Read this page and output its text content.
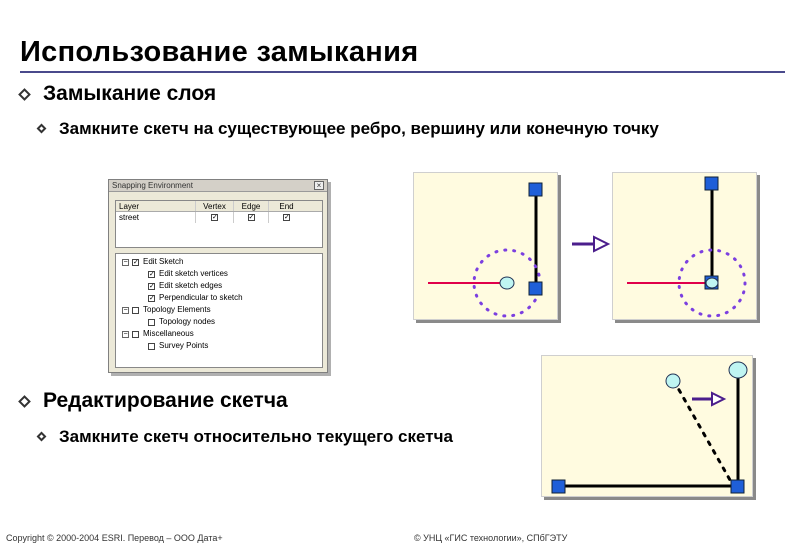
Использование замыкания
Замыкание слоя
Замкните скетч на существующее ребро, вершину или конечную точку
Snapping Environment	×
Layer	Vertex	Edge	End
street	✓	✓	✓
− ✓ Edit Sketch
✓ Edit sketch vertices
✓ Edit sketch edges
✓ Perpendicular to sketch
− Topology Elements
Topology nodes
− Miscellaneous
Survey Points
Редактирование скетча
Замкните скетч относительно текущего скетча
Copyright © 2000-2004 ESRI. Перевод – ООО Дата+	© УНЦ «ГИС технологии», СПбГЭТУ
